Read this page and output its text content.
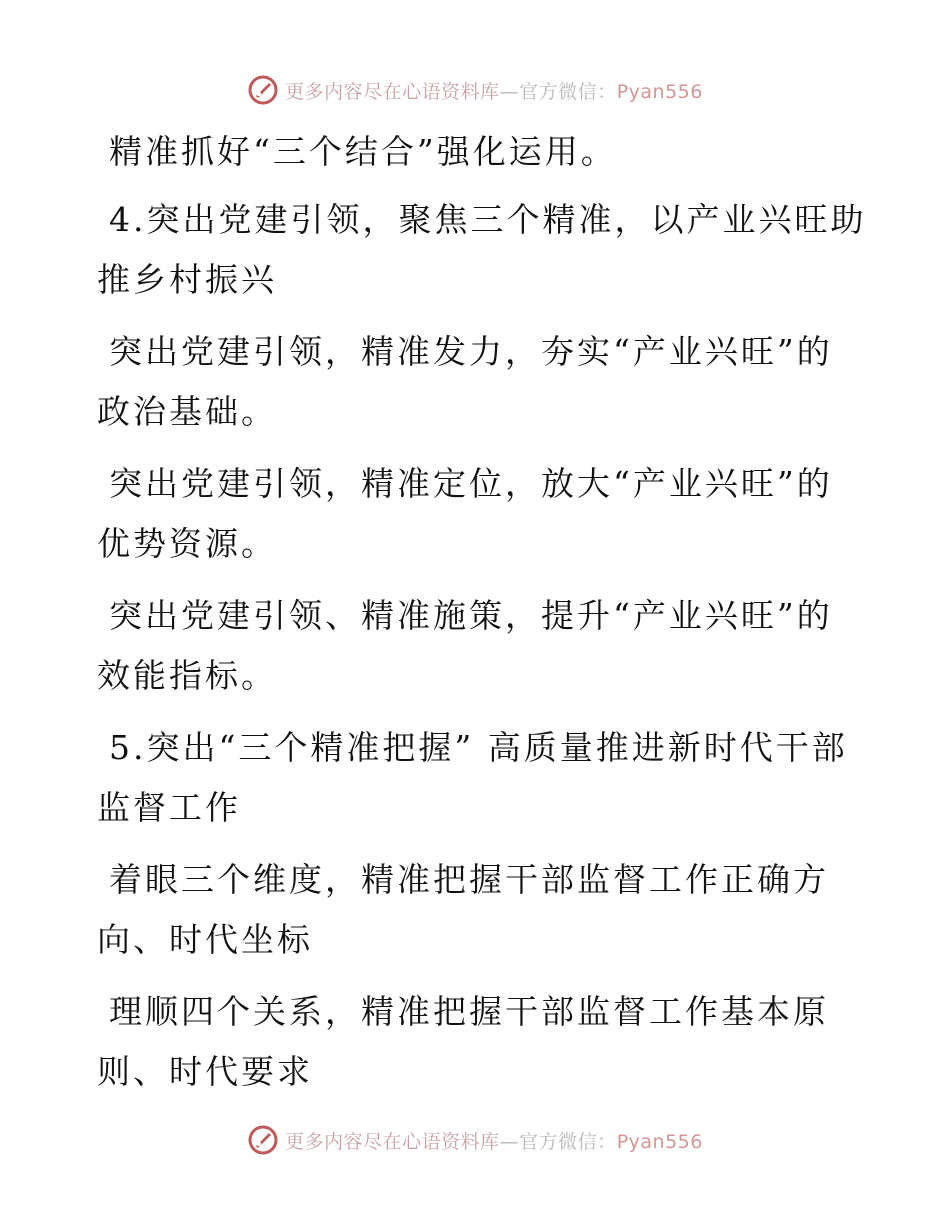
更多内容尽在心语资料库—官方微信：Pyan556
精准抓好“三个结合”强化运用。
4.突出党建引领，聚焦三个精准，以产业兴旺助
推乡村振兴
突出党建引领，精准发力，夯实“产业兴旺”的
政治基础。
突出党建引领，精准定位，放大“产业兴旺”的
优势资源。
突出党建引领、精准施策，提升“产业兴旺”的
效能指标。
5.突出“三个精准把握” 高质量推进新时代干部
监督工作
着眼三个维度，精准把握干部监督工作正确方
向、时代坐标
理顺四个关系，精准把握干部监督工作基本原
则、时代要求
更多内容尽在心语资料库—官方微信：Pyan556
